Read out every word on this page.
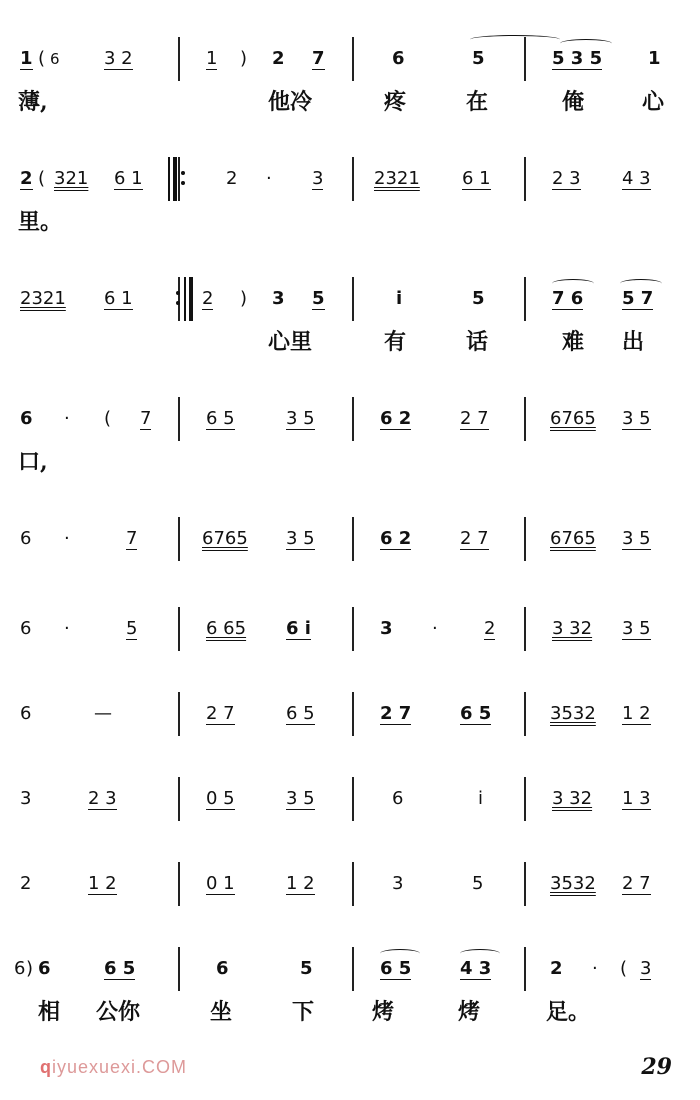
1 ( 6 3 2	1 ) 2 7	6	5	5 3 5	1
薄,	他冷	疼	在	俺	心
2 ( 321 6 1	2 · 3	2321 6 1	2 3 4 3
里。
2321 6 1	2 ) 3 5	i	5	7 6 5 7
心里	有	话	难 出
6 · ( 7	6 5	3 5	6 2	2 7	6765 3 5
口,
6 ·	7	6765 3 5	6 2	2 7	6765 3 5
6 ·	5	6 65 6 i	3 ·	2	3 32 3 5
6	—	2 7	6 5	2 7	6 5	3532 1 2
3	2 3	0 5	3 5	6	i	3 32 1 3
2	1 2	0 1	1 2	3	5	3532 2 7
6 ) 6	6 5	6	5	6 5	4 3	2 · ( 3
相 公你	坐	下	烤	烤	足。
qiyuexuexi.COM	29
